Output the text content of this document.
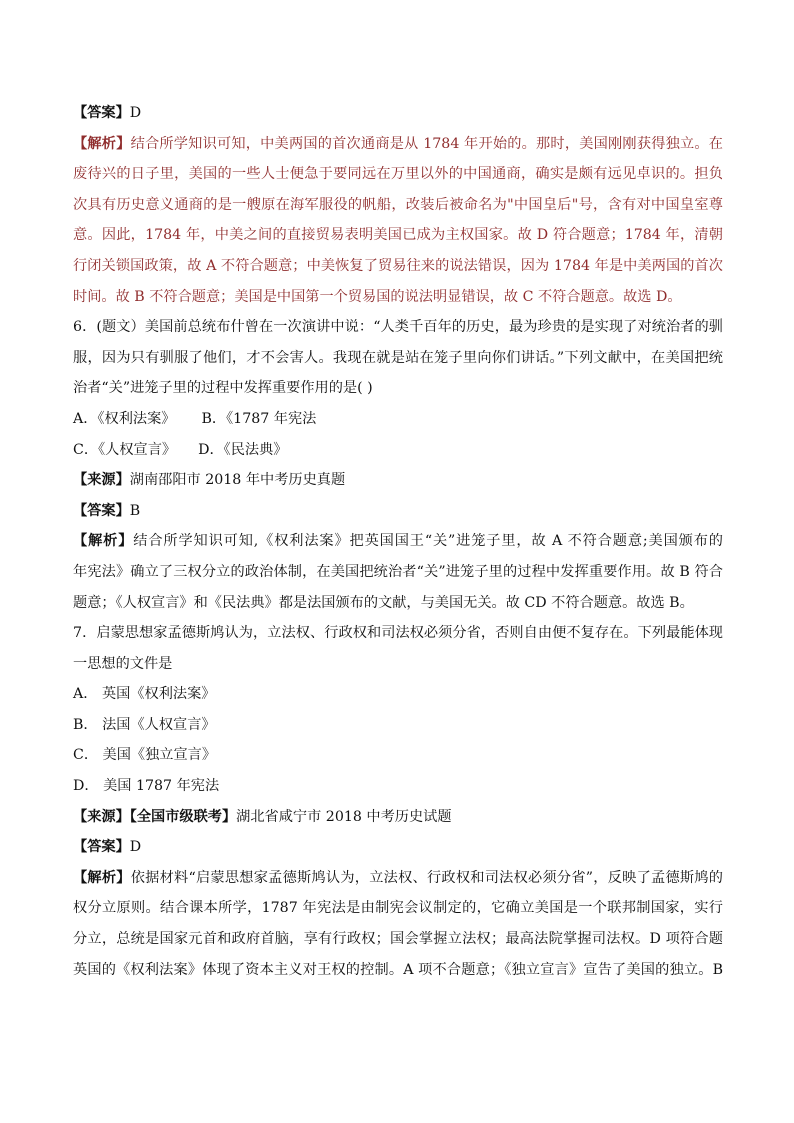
【答案】D
【解析】结合所学知识可知，中美两国的首次通商是从 1784 年开始的。那时，美国刚刚获得独立。在
废待兴的日子里，美国的一些人士便急于要同远在万里以外的中国通商，确实是颇有远见卓识的。担负
次具有历史意义通商的是一艘原在海军服役的帆船，改装后被命名为"中国皇后"号，含有对中国皇室尊
意。因此，1784 年，中美之间的直接贸易表明美国已成为主权国家。故 D 符合题意；1784 年，清朝
行闭关锁国政策，故 A 不符合题意；中美恢复了贸易往来的说法错误，因为 1784 年是中美两国的首次
时间。故 B 不符合题意；美国是中国第一个贸易国的说法明显错误，故 C 不符合题意。故选 D。
6．(题文）美国前总统布什曾在一次演讲中说：“人类千百年的历史，最为珍贵的是实现了对统治者的驯
服，因为只有驯服了他们，才不会害人。我现在就是站在笼子里向你们讲话。”下列文献中，在美国把统
治者“关”进笼子里的过程中发挥重要作用的是( )
A．《权利法案》 B．《1787 年宪法
C．《人权宣言》 D．《民法典》
【来源】湖南邵阳市 2018 年中考历史真题
【答案】B
【解析】结合所学知识可知,《权利法案》把英国国王“关”进笼子里，故 A 不符合题意;美国颁布的
年宪法》确立了三权分立的政治体制，在美国把统治者“关”进笼子里的过程中发挥重要作用。故 B 符合
题意；《人权宣言》和《民法典》都是法国颁布的文献，与美国无关。故 CD 不符合题意。故选 B。
7．启蒙思想家孟德斯鸠认为，立法权、行政权和司法权必须分省，否则自由便不复存在。下列最能体现
一思想的文件是
A． 英国《权利法案》
B． 法国《人权宣言》
C． 美国《独立宣言》
D． 美国 1787 年宪法
【来源】【全国市级联考】湖北省咸宁市 2018 中考历史试题
【答案】D
【解析】依据材料“启蒙思想家孟德斯鸠认为，立法权、行政权和司法权必须分省”，反映了孟德斯鸠的
权分立原则。结合课本所学，1787 年宪法是由制宪会议制定的，它确立美国是一个联邦制国家，实行
分立，总统是国家元首和政府首脑，享有行政权；国会掌握立法权；最高法院掌握司法权。D 项符合题
英国的《权利法案》体现了资本主义对王权的控制。A 项不合题意；《独立宣言》宣告了美国的独立。B
